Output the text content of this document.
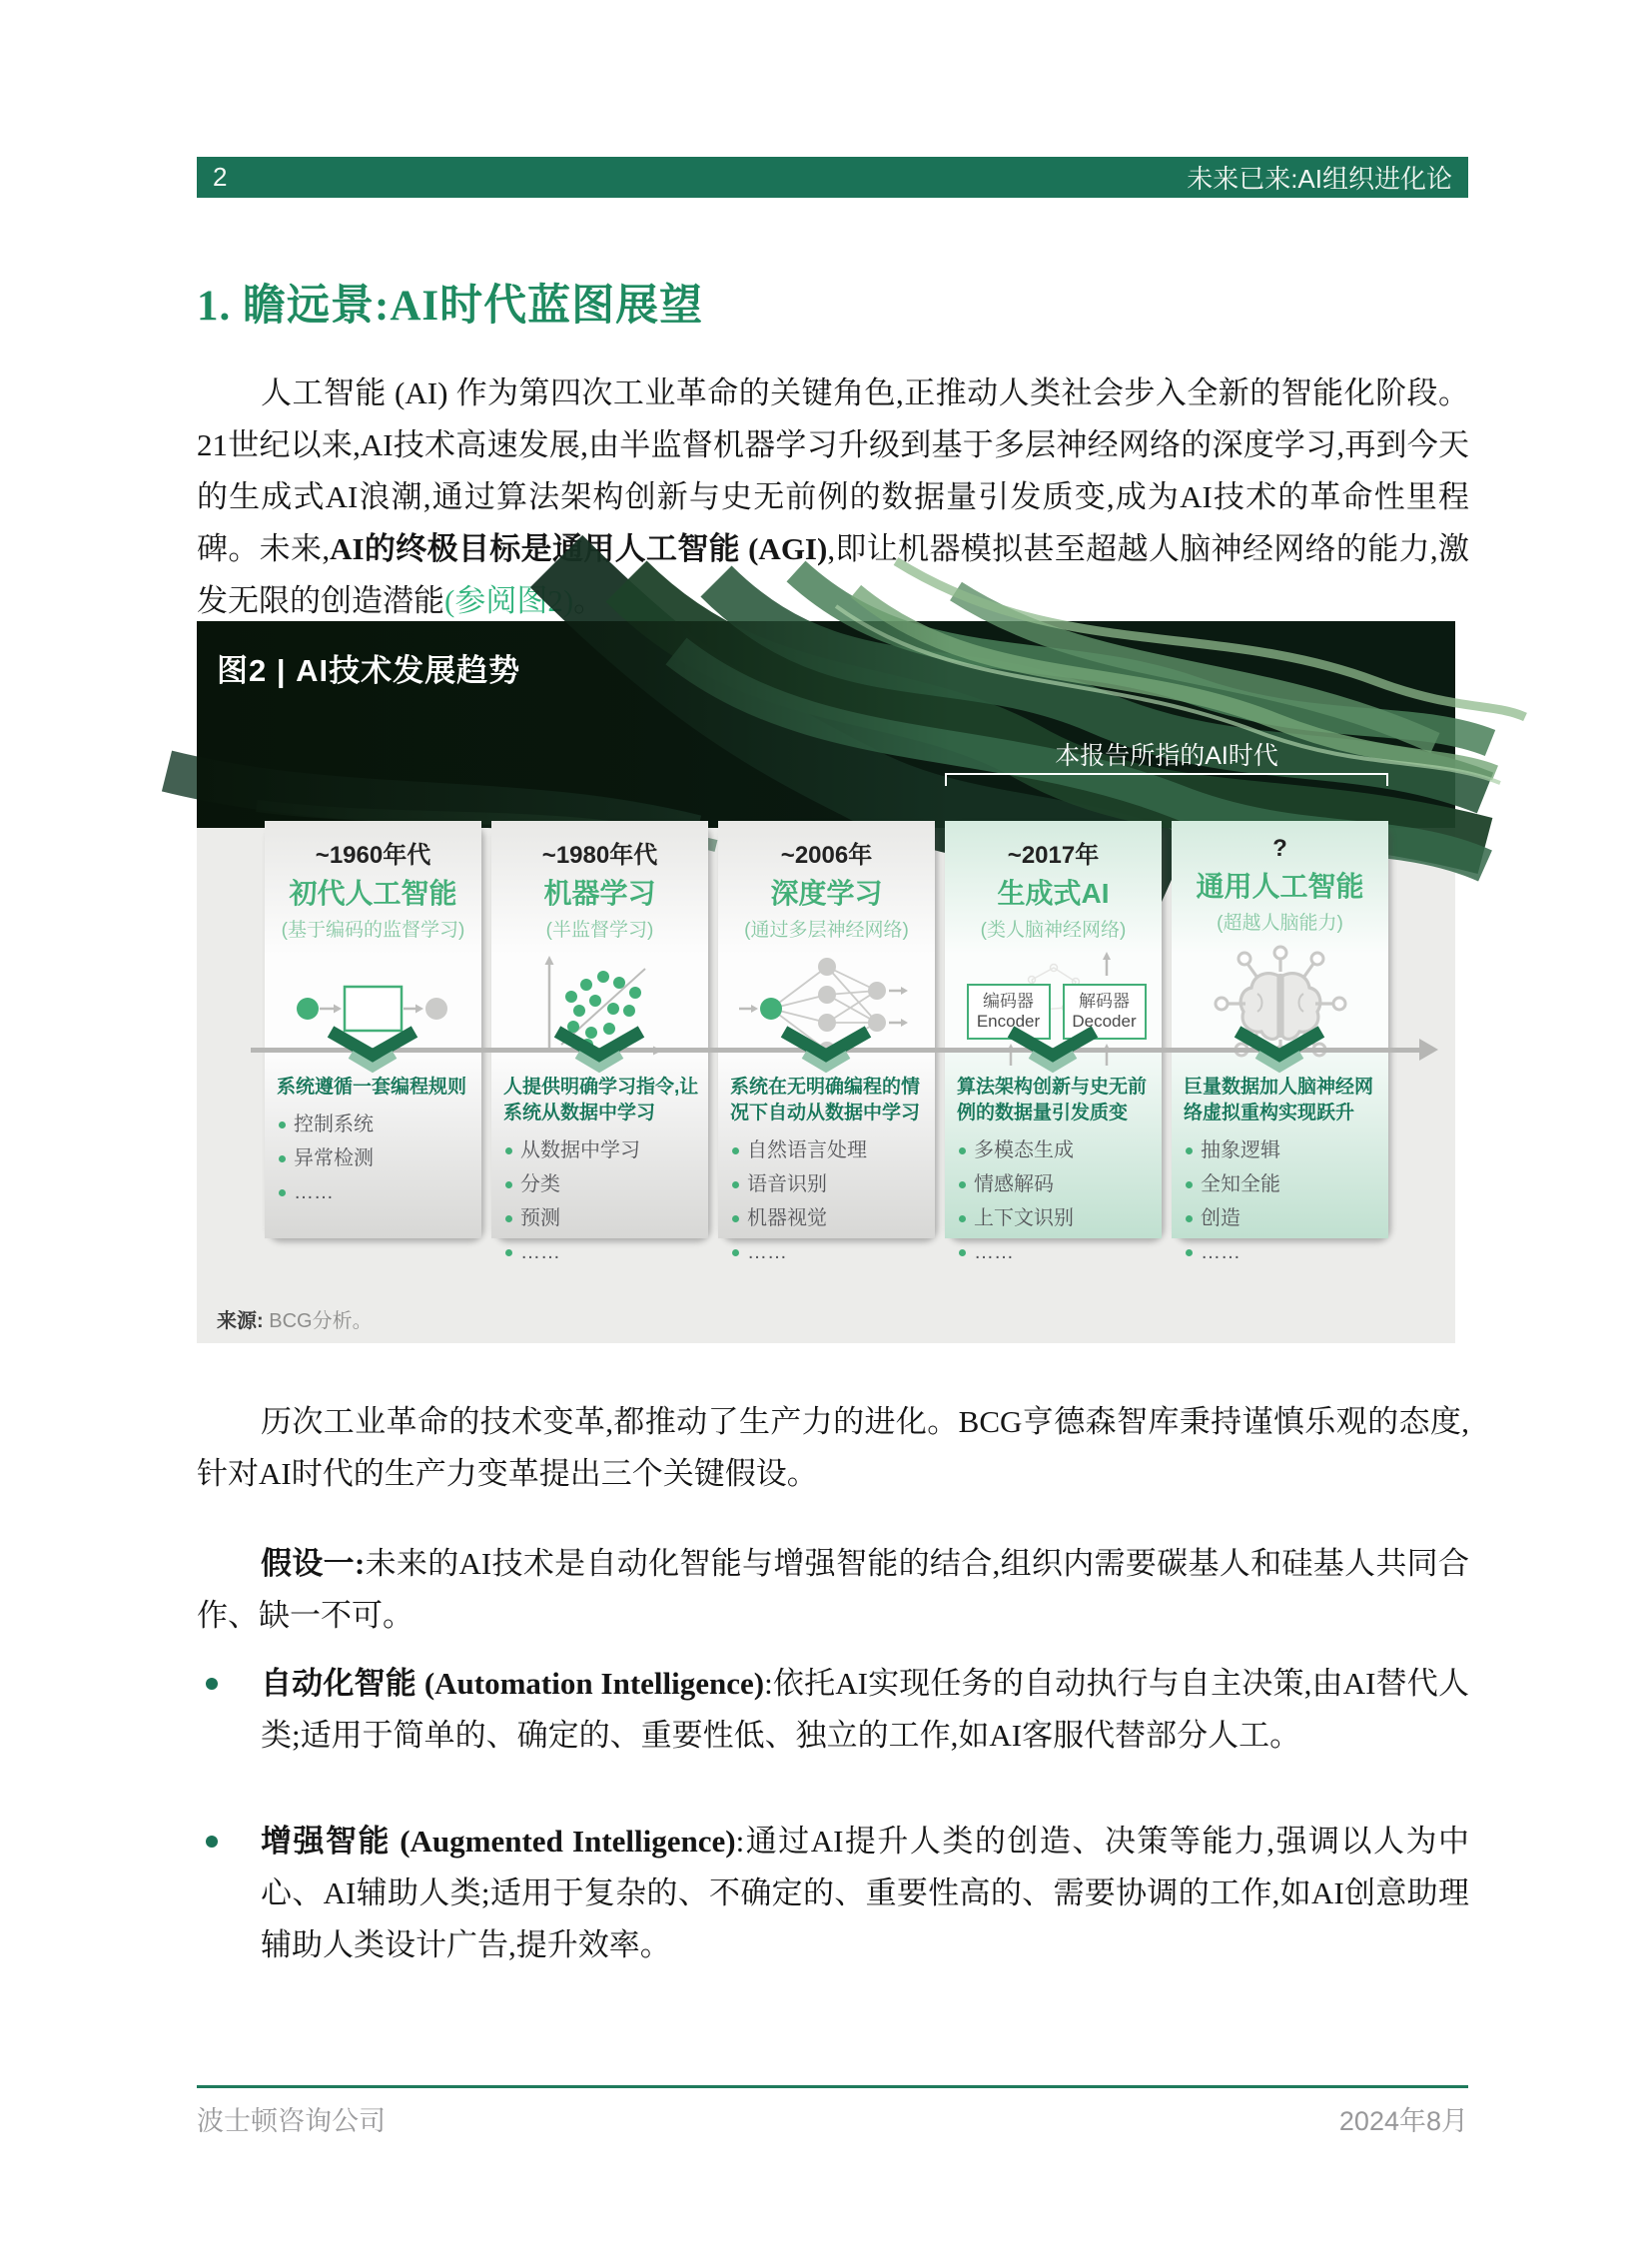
2	未来已来:AI组织进化论
1. 瞻远景:AI时代蓝图展望

人工智能 (AI) 作为第四次工业革命的关键角色,正推动人类社会步入全新的智能化阶段。21世纪以来,AI技术高速发展,由半监督机器学习升级到基于多层神经网络的深度学习,再到今天的生成式AI浪潮,通过算法架构创新与史无前例的数据量引发质变,成为AI技术的革命性里程碑。未来,AI的终极目标是通用人工智能 (AGI),即让机器模拟甚至超越人脑神经网络的能力,激发无限的创造潜能(参阅图2)。

图2 | AI技术发展趋势
本报告所指的AI时代
~1960年代
初代人工智能
(基于编码的监督学习)
系统遵循一套编程规则
控制系统
异常检测
……
~1980年代
机器学习
(半监督学习)
人提供明确学习指令,让系统从数据中学习
从数据中学习
分类
预测
……
~2006年
深度学习
(通过多层神经网络)
系统在无明确编程的情况下自动从数据中学习
自然语言处理
语音识别
机器视觉
……
~2017年
生成式AI
(类人脑神经网络)
编码器
Encoder
解码器
Decoder
算法架构创新与史无前例的数据量引发质变
多模态生成
情感解码
上下文识别
……
?
通用人工智能
(超越人脑能力)
巨量数据加人脑神经网络虚拟重构实现跃升
抽象逻辑
全知全能
创造
……
来源: BCG分析。

历次工业革命的技术变革,都推动了生产力的进化。BCG亨德森智库秉持谨慎乐观的态度,针对AI时代的生产力变革提出三个关键假设。

假设一:未来的AI技术是自动化智能与增强智能的结合,组织内需要碳基人和硅基人共同合作、缺一不可。

自动化智能 (Automation Intelligence):依托AI实现任务的自动执行与自主决策,由AI替代人类;适用于简单的、确定的、重要性低、独立的工作,如AI客服代替部分人工。
增强智能 (Augmented Intelligence):通过AI提升人类的创造、决策等能力,强调以人为中心、AI辅助人类;适用于复杂的、不确定的、重要性高的、需要协调的工作,如AI创意助理辅助人类设计广告,提升效率。
波士顿咨询公司	2024年8月
